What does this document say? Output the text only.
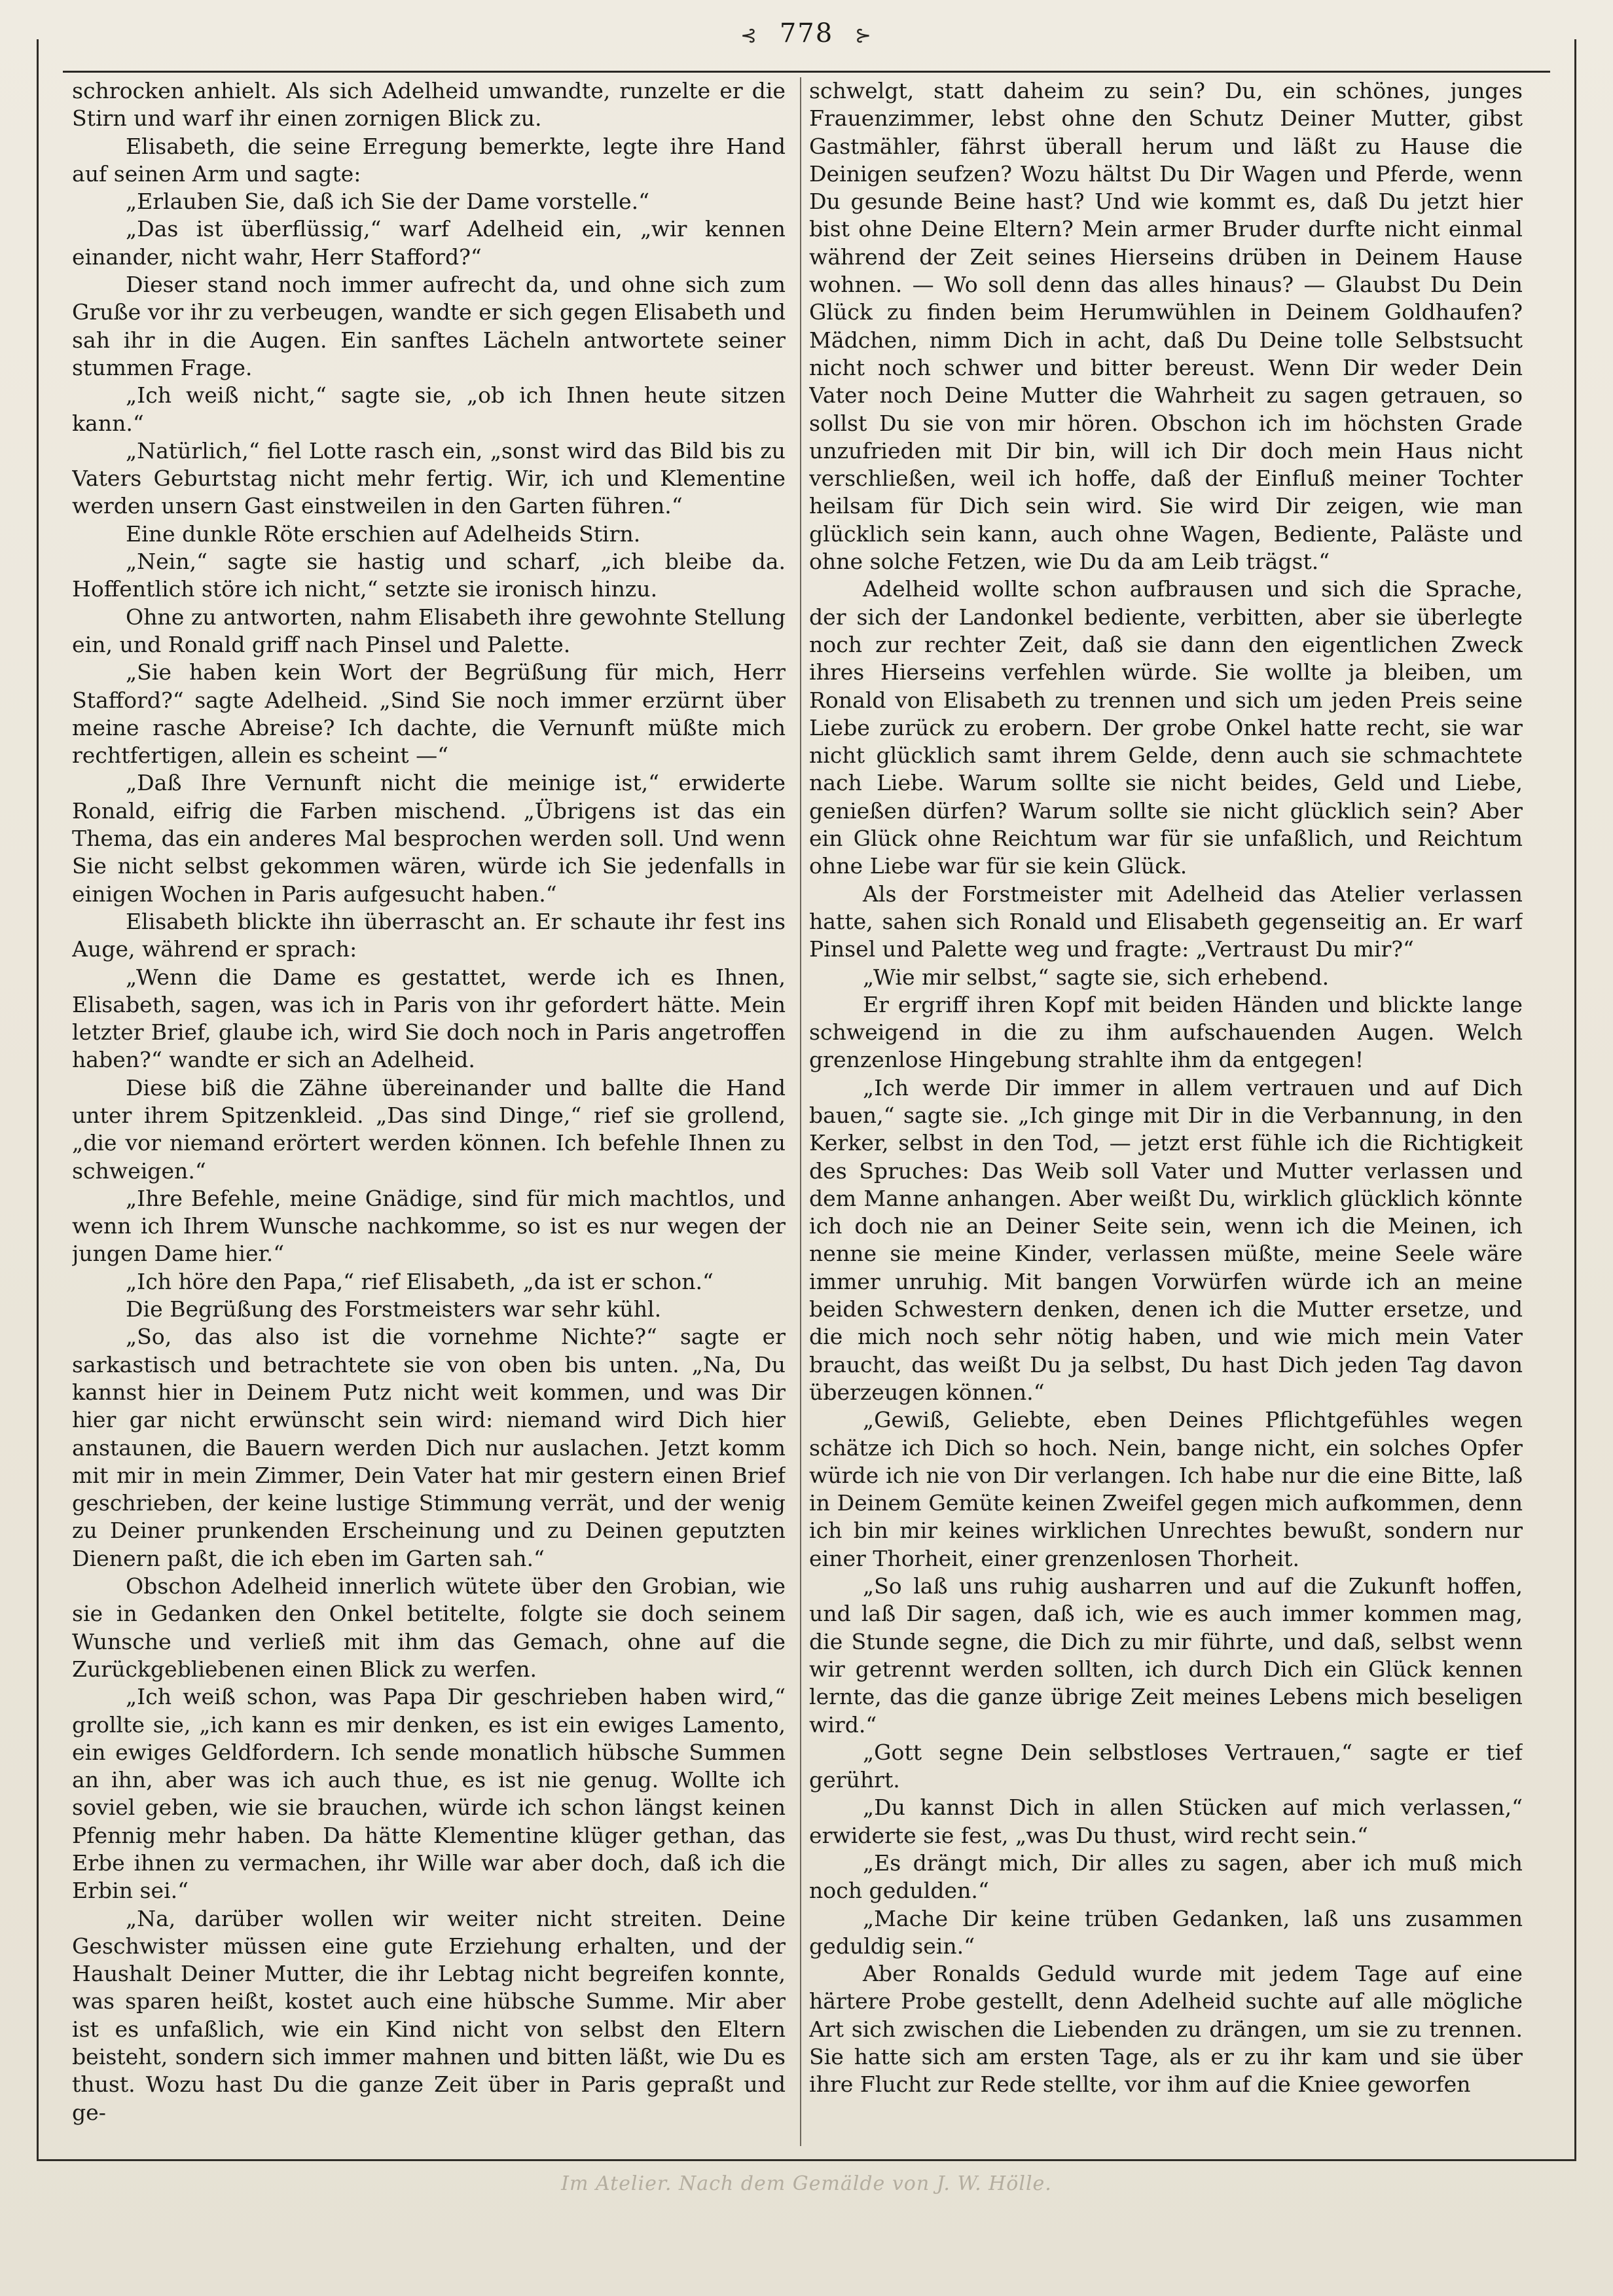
⊰ 778 ⊱

schrocken anhielt. Als sich Adelheid umwandte, runzelte er die Stirn und warf ihr einen zornigen Blick zu.

Elisabeth, die seine Erregung bemerkte, legte ihre Hand auf seinen Arm und sagte:

„Erlauben Sie, daß ich Sie der Dame vorstelle.“

„Das ist überflüssig,“ warf Adelheid ein, „wir kennen einander, nicht wahr, Herr Stafford?“

Dieser stand noch immer aufrecht da, und ohne sich zum Gruße vor ihr zu verbeugen, wandte er sich gegen Elisabeth und sah ihr in die Augen. Ein sanftes Lächeln antwortete seiner stummen Frage.

„Ich weiß nicht,“ sagte sie, „ob ich Ihnen heute sitzen kann.“

„Natürlich,“ fiel Lotte rasch ein, „sonst wird das Bild bis zu Vaters Geburtstag nicht mehr fertig. Wir, ich und Klementine werden unsern Gast einstweilen in den Garten führen.“

Eine dunkle Röte erschien auf Adelheids Stirn.

„Nein,“ sagte sie hastig und scharf, „ich bleibe da. Hoffentlich störe ich nicht,“ setzte sie ironisch hinzu.

Ohne zu antworten, nahm Elisabeth ihre gewohnte Stellung ein, und Ronald griff nach Pinsel und Palette.

„Sie haben kein Wort der Begrüßung für mich, Herr Stafford?“ sagte Adelheid. „Sind Sie noch immer erzürnt über meine rasche Abreise? Ich dachte, die Vernunft müßte mich rechtfertigen, allein es scheint —“

„Daß Ihre Vernunft nicht die meinige ist,“ erwiderte Ronald, eifrig die Farben mischend. „Übrigens ist das ein Thema, das ein anderes Mal besprochen werden soll. Und wenn Sie nicht selbst gekommen wären, würde ich Sie jedenfalls in einigen Wochen in Paris aufgesucht haben.“

Elisabeth blickte ihn überrascht an. Er schaute ihr fest ins Auge, während er sprach:

„Wenn die Dame es gestattet, werde ich es Ihnen, Elisabeth, sagen, was ich in Paris von ihr gefordert hätte. Mein letzter Brief, glaube ich, wird Sie doch noch in Paris angetroffen haben?“ wandte er sich an Adelheid.

Diese biß die Zähne übereinander und ballte die Hand unter ihrem Spitzenkleid. „Das sind Dinge,“ rief sie grollend, „die vor niemand erörtert werden können. Ich befehle Ihnen zu schweigen.“

„Ihre Befehle, meine Gnädige, sind für mich machtlos, und wenn ich Ihrem Wunsche nachkomme, so ist es nur wegen der jungen Dame hier.“

„Ich höre den Papa,“ rief Elisabeth, „da ist er schon.“

Die Begrüßung des Forstmeisters war sehr kühl.

„So, das also ist die vornehme Nichte?“ sagte er sarkastisch und betrachtete sie von oben bis unten. „Na, Du kannst hier in Deinem Putz nicht weit kommen, und was Dir hier gar nicht erwünscht sein wird: niemand wird Dich hier anstaunen, die Bauern werden Dich nur auslachen. Jetzt komm mit mir in mein Zimmer, Dein Vater hat mir gestern einen Brief geschrieben, der keine lustige Stimmung verrät, und der wenig zu Deiner prunkenden Erscheinung und zu Deinen geputzten Dienern paßt, die ich eben im Garten sah.“

Obschon Adelheid innerlich wütete über den Grobian, wie sie in Gedanken den Onkel betitelte, folgte sie doch seinem Wunsche und verließ mit ihm das Gemach, ohne auf die Zurückgebliebenen einen Blick zu werfen.

„Ich weiß schon, was Papa Dir geschrieben haben wird,“ grollte sie, „ich kann es mir denken, es ist ein ewiges Lamento, ein ewiges Geldfordern. Ich sende monatlich hübsche Summen an ihn, aber was ich auch thue, es ist nie genug. Wollte ich soviel geben, wie sie brauchen, würde ich schon längst keinen Pfennig mehr haben. Da hätte Klementine klüger gethan, das Erbe ihnen zu vermachen, ihr Wille war aber doch, daß ich die Erbin sei.“

„Na, darüber wollen wir weiter nicht streiten. Deine Geschwister müssen eine gute Erziehung erhalten, und der Haushalt Deiner Mutter, die ihr Lebtag nicht begreifen konnte, was sparen heißt, kostet auch eine hübsche Summe. Mir aber ist es unfaßlich, wie ein Kind nicht von selbst den Eltern beisteht, sondern sich immer mahnen und bitten läßt, wie Du es thust. Wozu hast Du die ganze Zeit über in Paris gepraßt und ge-

schwelgt, statt daheim zu sein? Du, ein schönes, junges Frauenzimmer, lebst ohne den Schutz Deiner Mutter, gibst Gastmähler, fährst überall herum und läßt zu Hause die Deinigen seufzen? Wozu hältst Du Dir Wagen und Pferde, wenn Du gesunde Beine hast? Und wie kommt es, daß Du jetzt hier bist ohne Deine Eltern? Mein armer Bruder durfte nicht einmal während der Zeit seines Hierseins drüben in Deinem Hause wohnen. — Wo soll denn das alles hinaus? — Glaubst Du Dein Glück zu finden beim Herumwühlen in Deinem Goldhaufen? Mädchen, nimm Dich in acht, daß Du Deine tolle Selbstsucht nicht noch schwer und bitter bereust. Wenn Dir weder Dein Vater noch Deine Mutter die Wahrheit zu sagen getrauen, so sollst Du sie von mir hören. Obschon ich im höchsten Grade unzufrieden mit Dir bin, will ich Dir doch mein Haus nicht verschließen, weil ich hoffe, daß der Einfluß meiner Tochter heilsam für Dich sein wird. Sie wird Dir zeigen, wie man glücklich sein kann, auch ohne Wagen, Bediente, Paläste und ohne solche Fetzen, wie Du da am Leib trägst.“

Adelheid wollte schon aufbrausen und sich die Sprache, der sich der Landonkel bediente, verbitten, aber sie überlegte noch zur rechter Zeit, daß sie dann den eigentlichen Zweck ihres Hierseins verfehlen würde. Sie wollte ja bleiben, um Ronald von Elisabeth zu trennen und sich um jeden Preis seine Liebe zurück zu erobern. Der grobe Onkel hatte recht, sie war nicht glücklich samt ihrem Gelde, denn auch sie schmachtete nach Liebe. Warum sollte sie nicht beides, Geld und Liebe, genießen dürfen? Warum sollte sie nicht glücklich sein? Aber ein Glück ohne Reichtum war für sie unfaßlich, und Reichtum ohne Liebe war für sie kein Glück.

Als der Forstmeister mit Adelheid das Atelier verlassen hatte, sahen sich Ronald und Elisabeth gegenseitig an. Er warf Pinsel und Palette weg und fragte: „Vertraust Du mir?“

„Wie mir selbst,“ sagte sie, sich erhebend.

Er ergriff ihren Kopf mit beiden Händen und blickte lange schweigend in die zu ihm aufschauenden Augen. Welch grenzenlose Hingebung strahlte ihm da entgegen!

„Ich werde Dir immer in allem vertrauen und auf Dich bauen,“ sagte sie. „Ich ginge mit Dir in die Verbannung, in den Kerker, selbst in den Tod, — jetzt erst fühle ich die Richtigkeit des Spruches: Das Weib soll Vater und Mutter verlassen und dem Manne anhangen. Aber weißt Du, wirklich glücklich könnte ich doch nie an Deiner Seite sein, wenn ich die Meinen, ich nenne sie meine Kinder, verlassen müßte, meine Seele wäre immer unruhig. Mit bangen Vorwürfen würde ich an meine beiden Schwestern denken, denen ich die Mutter ersetze, und die mich noch sehr nötig haben, und wie mich mein Vater braucht, das weißt Du ja selbst, Du hast Dich jeden Tag davon überzeugen können.“

„Gewiß, Geliebte, eben Deines Pflichtgefühles wegen schätze ich Dich so hoch. Nein, bange nicht, ein solches Opfer würde ich nie von Dir verlangen. Ich habe nur die eine Bitte, laß in Deinem Gemüte keinen Zweifel gegen mich aufkommen, denn ich bin mir keines wirklichen Unrechtes bewußt, sondern nur einer Thorheit, einer grenzenlosen Thorheit.

„So laß uns ruhig ausharren und auf die Zukunft hoffen, und laß Dir sagen, daß ich, wie es auch immer kommen mag, die Stunde segne, die Dich zu mir führte, und daß, selbst wenn wir getrennt werden sollten, ich durch Dich ein Glück kennen lernte, das die ganze übrige Zeit meines Lebens mich beseligen wird.“

„Gott segne Dein selbstloses Vertrauen,“ sagte er tief gerührt.

„Du kannst Dich in allen Stücken auf mich verlassen,“ erwiderte sie fest, „was Du thust, wird recht sein.“

„Es drängt mich, Dir alles zu sagen, aber ich muß mich noch gedulden.“

„Mache Dir keine trüben Gedanken, laß uns zusammen geduldig sein.“

Aber Ronalds Geduld wurde mit jedem Tage auf eine härtere Probe gestellt, denn Adelheid suchte auf alle mögliche Art sich zwischen die Liebenden zu drängen, um sie zu trennen. Sie hatte sich am ersten Tage, als er zu ihr kam und sie über ihre Flucht zur Rede stellte, vor ihm auf die Kniee geworfen

Im Atelier. Nach dem Gemälde von J. W. Hölle.
